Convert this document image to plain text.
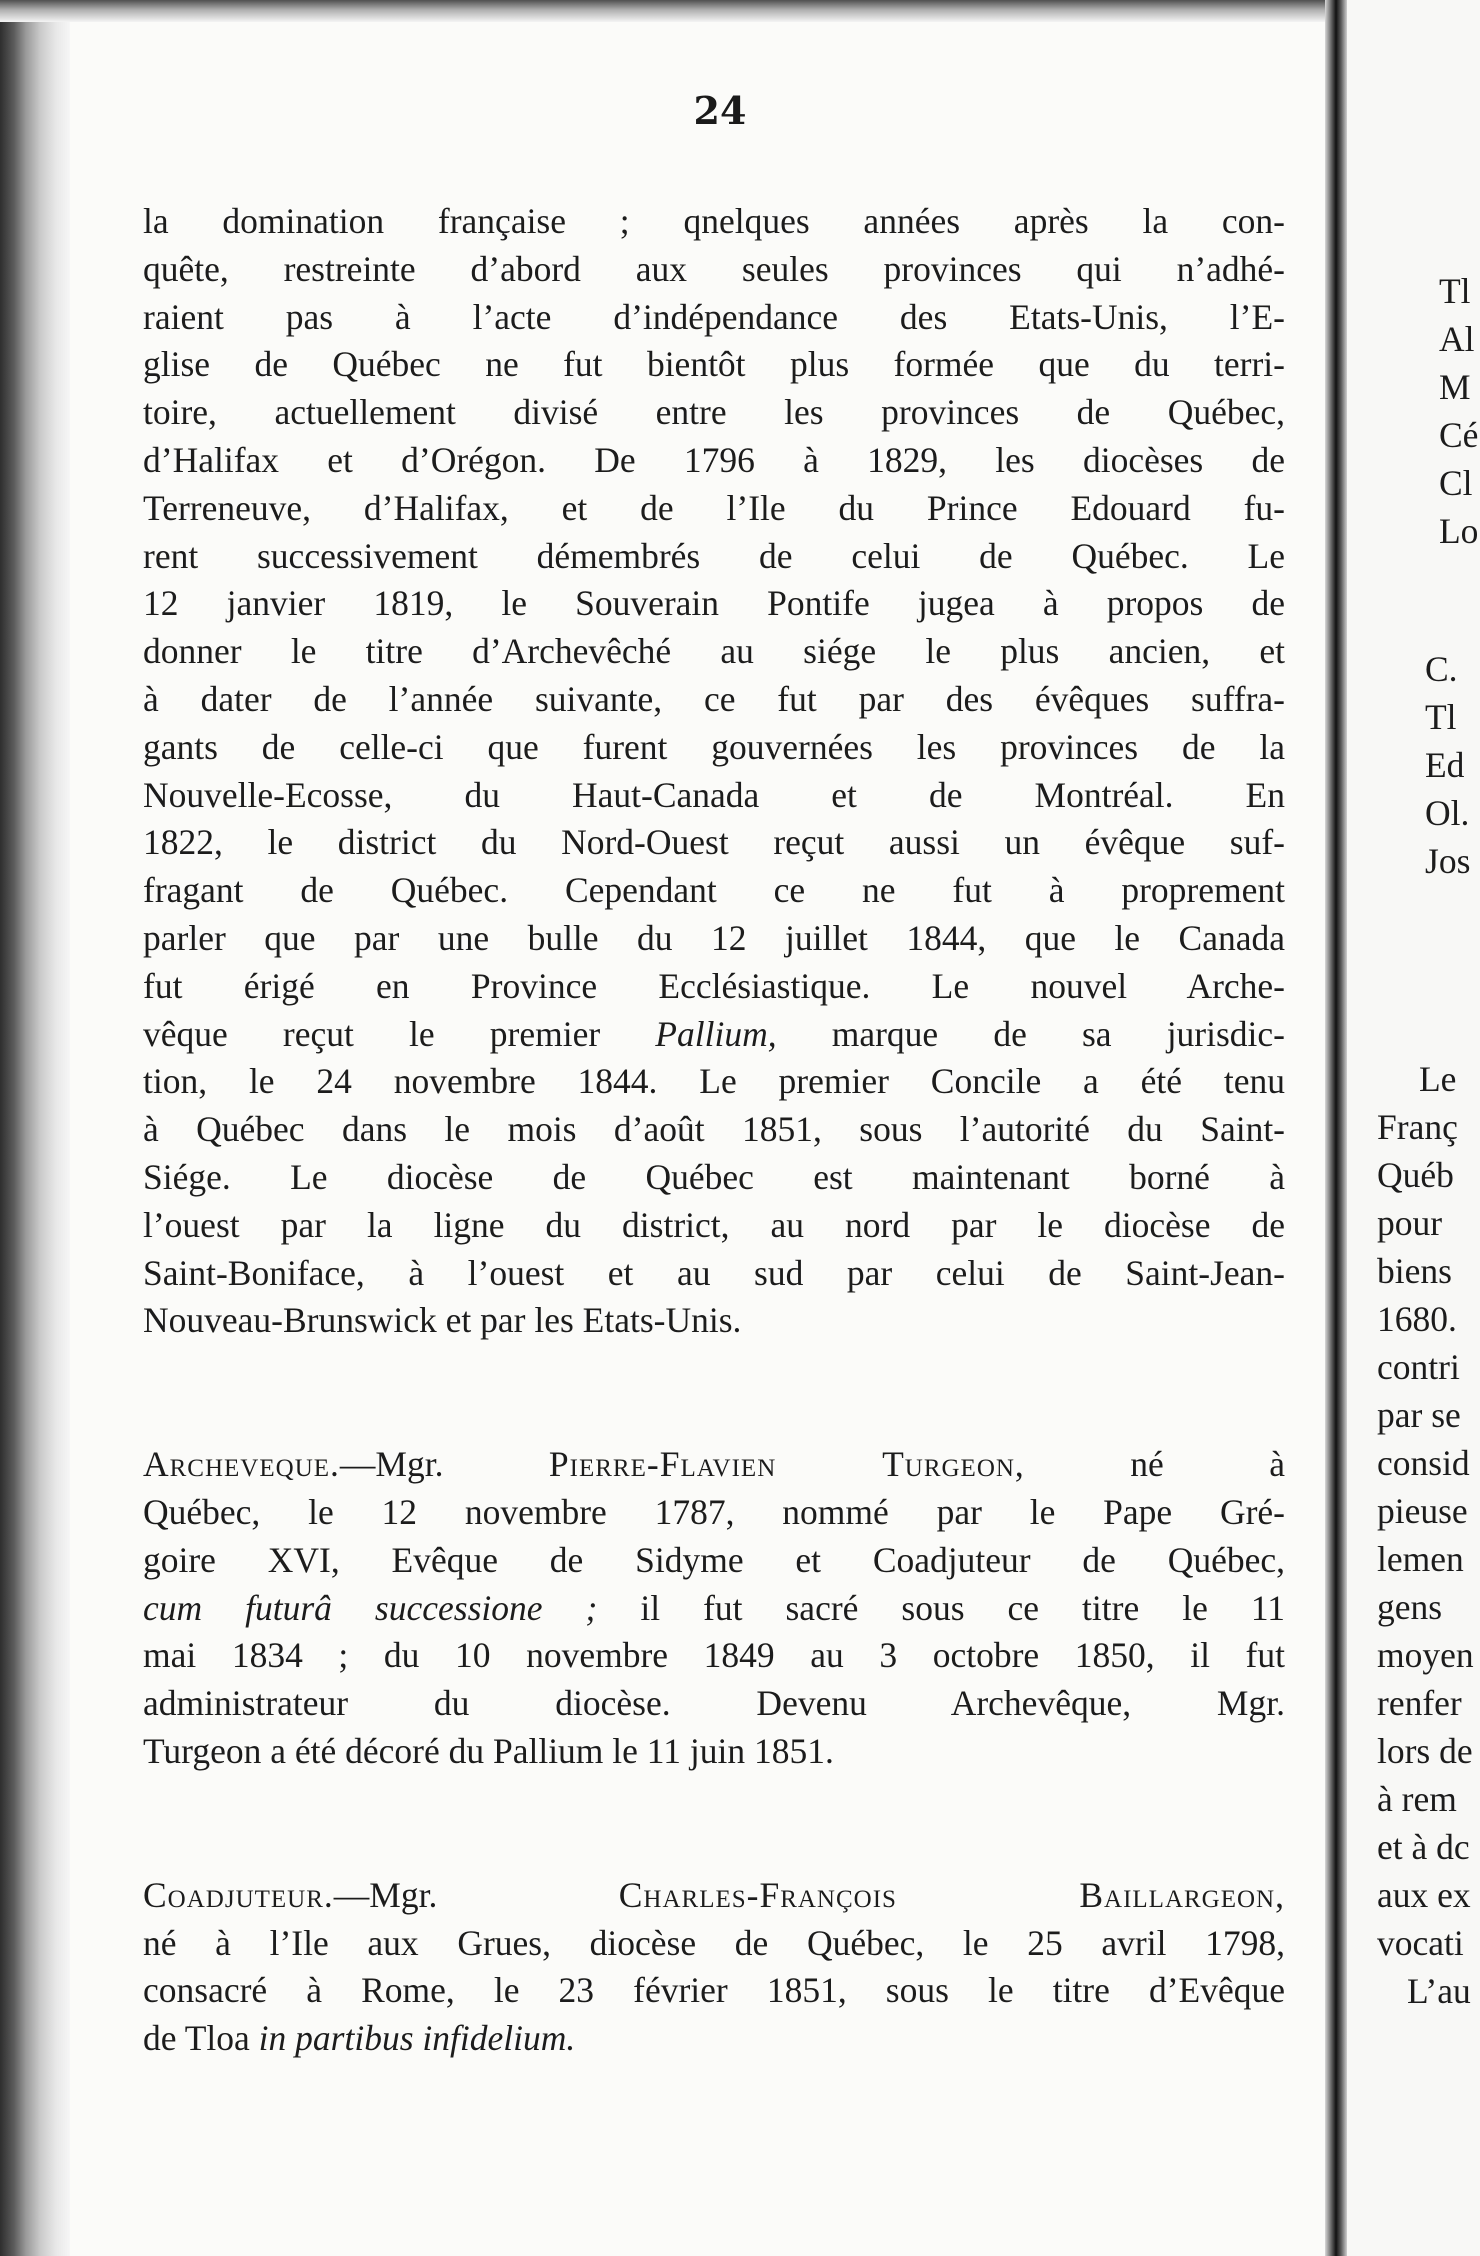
24
la domination française ; qnelques années après la con-
quête, restreinte d’abord aux seules provinces qui n’adhé-
raient pas à l’acte d’indépendance des Etats-Unis, l’E-
glise de Québec ne fut bientôt plus formée que du terri-
toire, actuellement divisé entre les provinces de Québec,
d’Halifax et d’Orégon. De 1796 à 1829, les diocèses de
Terreneuve, d’Halifax, et de l’Ile du Prince Edouard fu-
rent successivement démembrés de celui de Québec. Le
12 janvier 1819, le Souverain Pontife jugea à propos de
donner le titre d’Archevêché au siége le plus ancien, et
à dater de l’année suivante, ce fut par des évêques suffra-
gants de celle-ci que furent gouvernées les provinces de la
Nouvelle-Ecosse, du Haut-Canada et de Montréal. En
1822, le district du Nord-Ouest reçut aussi un évêque suf-
fragant de Québec. Cependant ce ne fut à proprement
parler que par une bulle du 12 juillet 1844, que le Canada
fut érigé en Province Ecclésiastique. Le nouvel Arche-
vêque reçut le premier Pallium, marque de sa jurisdic-
tion, le 24 novembre 1844. Le premier Concile a été tenu
à Québec dans le mois d’août 1851, sous l’autorité du Saint-
Siége. Le diocèse de Québec est maintenant borné à
l’ouest par la ligne du district, au nord par le diocèse de
Saint-Boniface, à l’ouest et au sud par celui de Saint-Jean-
Nouveau-Brunswick et par les Etats-Unis.
Archeveque.—Mgr. Pierre-Flavien Turgeon, né à
Québec, le 12 novembre 1787, nommé par le Pape Gré-
goire XVI, Evêque de Sidyme et Coadjuteur de Québec,
cum futurâ successione ; il fut sacré sous ce titre le 11
mai 1834 ; du 10 novembre 1849 au 3 octobre 1850, il fut
administrateur du diocèse. Devenu Archevêque, Mgr.
Turgeon a été décoré du Pallium le 11 juin 1851.
Coadjuteur.—Mgr. Charles-François Baillargeon,
né à l’Ile aux Grues, diocèse de Québec, le 25 avril 1798,
consacré à Rome, le 23 février 1851, sous le titre d’Evêque
de Tloa in partibus infidelium.
Tl
Al
M
Cé
Cl
Lo
C.
Tl
Ed
Ol.
Jos
Le
Franç
Québ
pour
biens
1680.
contri
par se
consid
pieuse
lemen
gens
moyen
renfer
lors de
à rem
et à dc
aux ex
vocati
L’au
